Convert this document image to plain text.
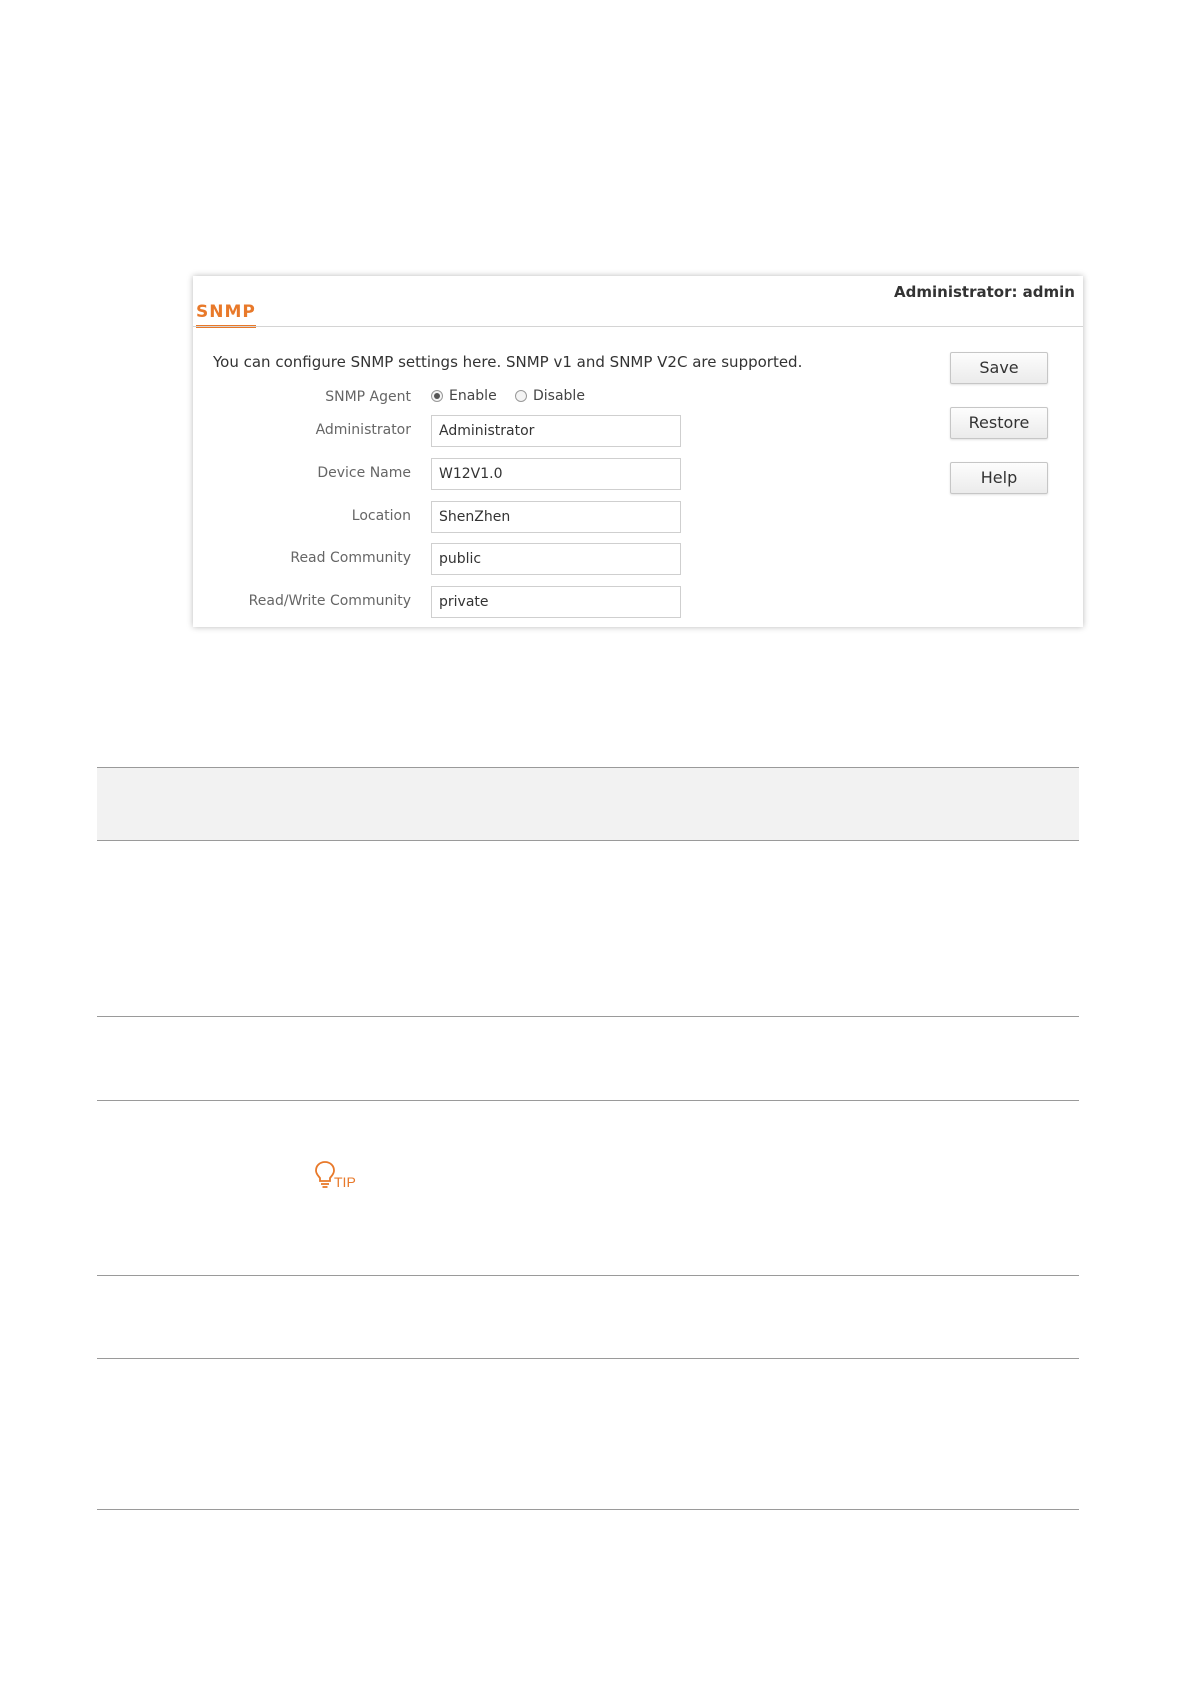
Administrator: admin
SNMP
You can configure SNMP settings here. SNMP v1 and SNMP V2C are supported.
SNMP Agent	Enable	Disable
Administrator
Administrator
Device Name
W12V1.0
Location
ShenZhen
Read Community
public
Read/Write Community
private
Save
Restore
Help
TIP
